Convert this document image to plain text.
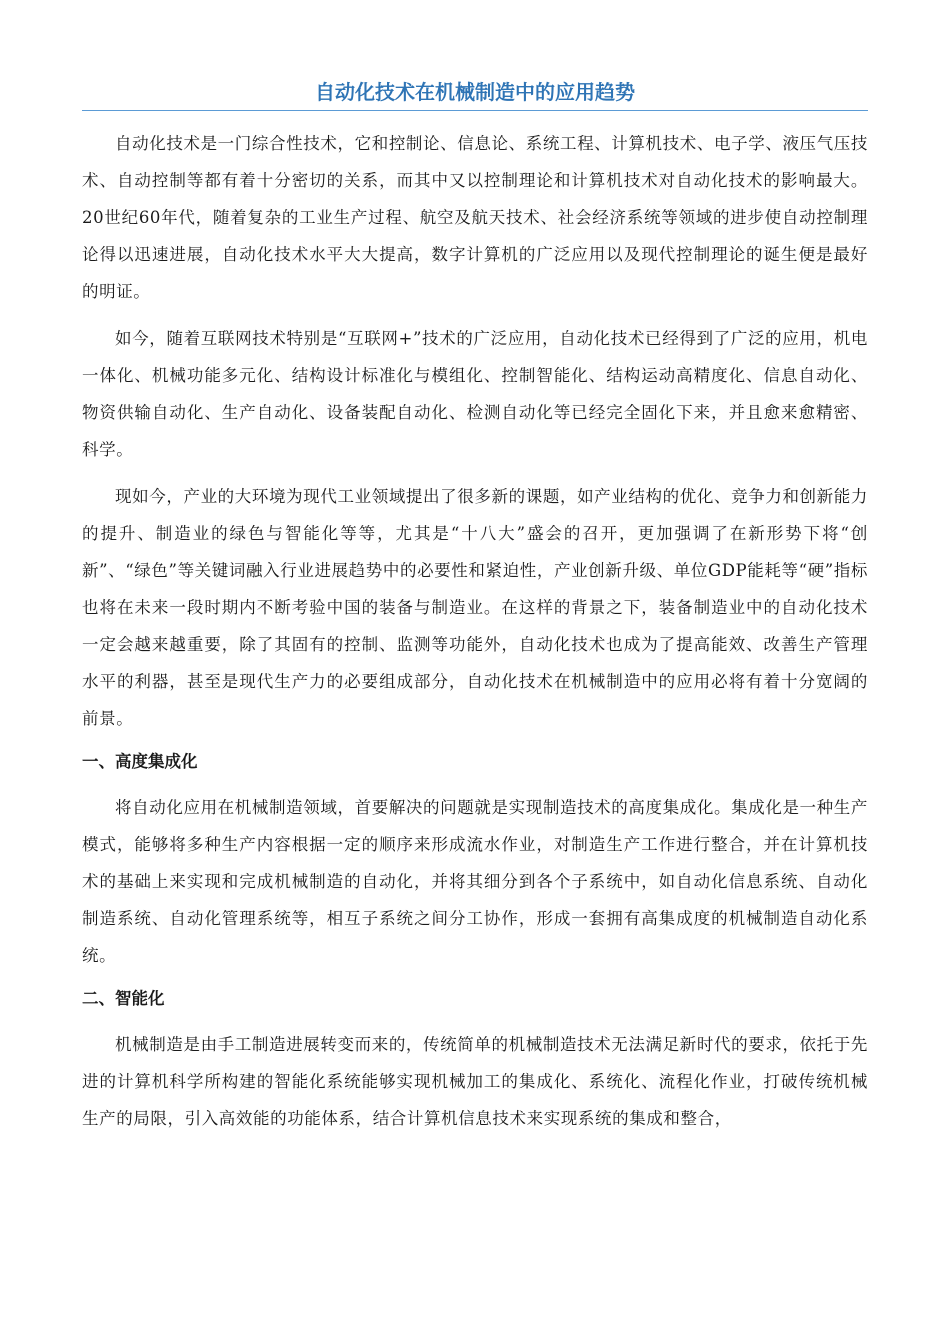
自动化技术在机械制造中的应用趋势

自动化技术是一门综合性技术，它和控制论、信息论、系统工程、计算机技术、电子学、液压气压技术、自动控制等都有着十分密切的关系，而其中又以控制理论和计算机技术对自动化技术的影响最大。20世纪60年代，随着复杂的工业生产过程、航空及航天技术、社会经济系统等领域的进步使自动控制理论得以迅速进展，自动化技术水平大大提高，数字计算机的广泛应用以及现代控制理论的诞生便是最好的明证。

如今，随着互联网技术特别是“互联网+”技术的广泛应用，自动化技术已经得到了广泛的应用，机电一体化、机械功能多元化、结构设计标准化与模组化、控制智能化、结构运动高精度化、信息自动化、物资供输自动化、生产自动化、设备装配自动化、检测自动化等已经完全固化下来，并且愈来愈精密、科学。

现如今，产业的大环境为现代工业领域提出了很多新的课题，如产业结构的优化、竞争力和创新能力的提升、制造业的绿色与智能化等等，尤其是“十八大”盛会的召开，更加强调了在新形势下将“创新”、“绿色”等关键词融入行业进展趋势中的必要性和紧迫性，产业创新升级、单位GDP能耗等“硬”指标也将在未来一段时期内不断考验中国的装备与制造业。在这样的背景之下，装备制造业中的自动化技术一定会越来越重要，除了其固有的控制、监测等功能外，自动化技术也成为了提高能效、改善生产管理水平的利器，甚至是现代生产力的必要组成部分，自动化技术在机械制造中的应用必将有着十分宽阔的前景。

一、高度集成化

将自动化应用在机械制造领域，首要解决的问题就是实现制造技术的高度集成化。集成化是一种生产模式，能够将多种生产内容根据一定的顺序来形成流水作业，对制造生产工作进行整合，并在计算机技术的基础上来实现和完成机械制造的自动化，并将其细分到各个子系统中，如自动化信息系统、自动化制造系统、自动化管理系统等，相互子系统之间分工协作，形成一套拥有高集成度的机械制造自动化系统。

二、智能化

机械制造是由手工制造进展转变而来的，传统简单的机械制造技术无法满足新时代的要求，依托于先进的计算机科学所构建的智能化系统能够实现机械加工的集成化、系统化、流程化作业，打破传统机械生产的局限，引入高效能的功能体系，结合计算机信息技术来实现系统的集成和整合，
